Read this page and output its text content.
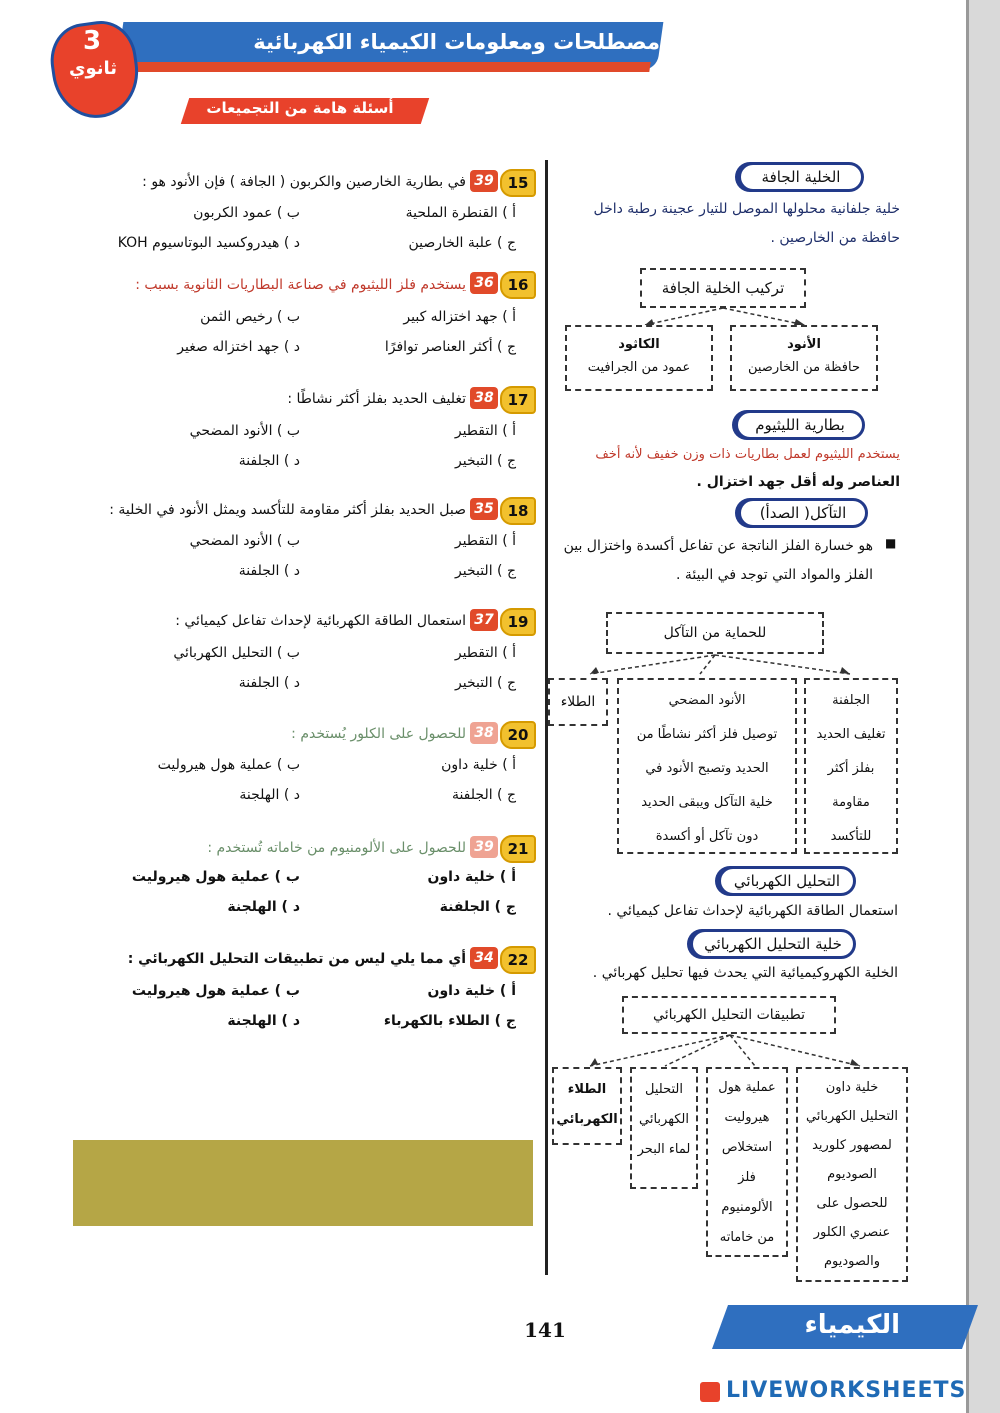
مصطلحات ومعلومات الكيمياء الكهربائية
3
ثانوي
أسئلة هامة من التجميعات
15
39
في بطارية الخارصين والكربون ( الجافة ) فإن الأنود هو :
أ ) القنطرة الملحية
ب ) عمود الكربون
ج ) علبة الخارصين
د ) هيدروكسيد البوتاسيوم KOH
16
36
يستخدم فلز الليثيوم في صناعة البطاريات الثانوية بسبب :
أ ) جهد اختزاله كبير
ب ) رخيص الثمن
ج ) أكثر العناصر توافرًا
د ) جهد اختزاله صغير
17
38
تغليف الحديد بفلز أكثر نشاطًا :
أ ) التقطير
ب ) الأنود المضحي
ج ) التبخير
د ) الجلفنة
18
35
صبل الحديد بفلز أكثر مقاومة للتأكسد ويمثل الأنود في الخلية :
أ ) التقطير
ب ) الأنود المضحي
ج ) التبخير
د ) الجلفنة
19
37
استعمال الطاقة الكهربائية لإحداث تفاعل كيميائي :
أ ) التقطير
ب ) التحليل الكهربائي
ج ) التبخير
د ) الجلفنة
20
38
للحصول على الكلور يُستخدم :
أ ) خلية داون
ب ) عملية هول هيروليت
ج ) الجلفنة
د ) الهلجنة
21
39
للحصول على الألومنيوم من خاماته تُستخدم :
أ ) خلية داون
ب ) عملية هول هيروليت
ج ) الجلفنة
د ) الهلجنة
22
34
أي مما يلي ليس من تطبيقات التحليل الكهربائي :
أ ) خلية داون
ب ) عملية هول هيروليت
ج ) الطلاء بالكهرباء
د ) الهلجنة
الخلية الجافة
خلية جلفانية محلولها الموصل للتيار عجينة رطبة داخل
حافظة من الخارصين .
تركيب الخلية الجافة
الكاثود
عمود من الجرافيت
الأنود
حافظة من الخارصين
بطارية الليثيوم
يستخدم الليثيوم لعمل بطاريات ذات وزن خفيف لأنه أخف
العناصر وله أقل جهد اختزال .
التآكل( الصدأ)
■
هو خسارة الفلز الناتجة عن تفاعل أكسدة واختزال بين
الفلز والمواد التي توجد في البيئة .
للحماية من التآكل
الطلاء	الأنود المضحي
توصيل فلز أكثر نشاطًا من
الحديد وتصبح الأنود في
خلية التآكل ويبقى الحديد
دون تآكل أو أكسدة
الجلفنة
تغليف الحديد
بفلز أكثر
مقاومة
للتأكسد
التحليل الكهربائي
استعمال الطاقة الكهربائية لإحداث تفاعل كيميائي .
خلية التحليل الكهربائي
الخلية الكهروكيميائية التي يحدث فيها تحليل كهربائي .
تطبيقات التحليل الكهربائي
الطلاء
الكهربائي
التحليل
الكهربائي
لماء البحر
عملية هول
هيروليت
استخلاص
فلز
الألومنيوم
من خاماته
خلية داون
التحليل الكهربائي
لمصهور كلوريد
الصوديوم
للحصول على
عنصري الكلور
والصوديوم
141	الكيمياء
LIVEWORKSHEETS
